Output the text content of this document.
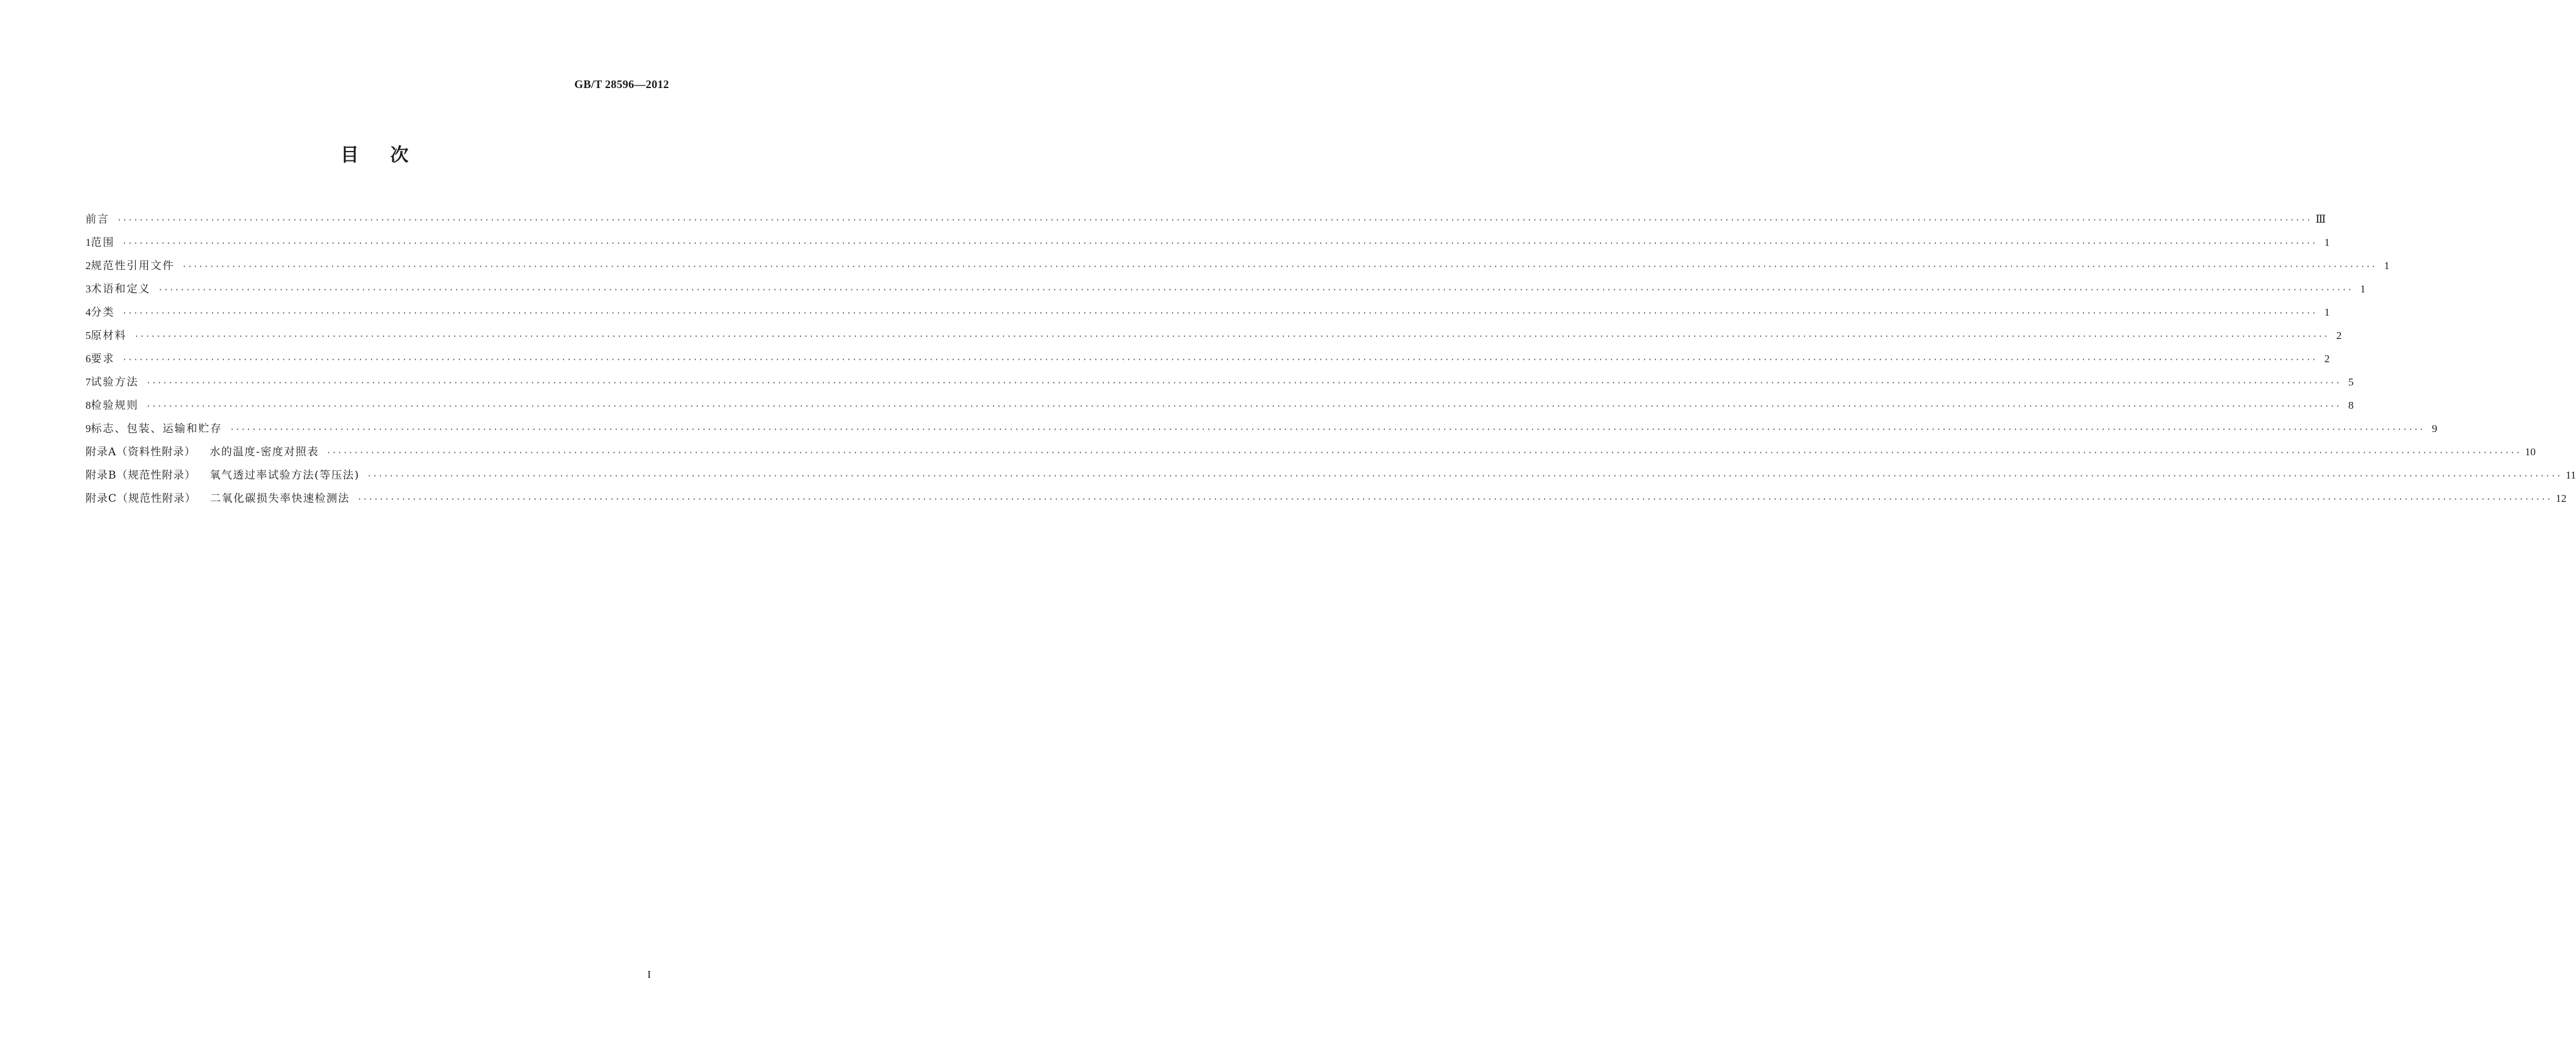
GB/T 28596—2012
目次
前言 ················································································································································································································································································································································································································ Ⅲ
1 范围 ················································································································································································································································································································································································································ 1
2 规范性引用文件 ················································································································································································································································································································································································································ 1
3 术语和定义 ················································································································································································································································································································································································································ 1
4 分类 ················································································································································································································································································································································································································ 1
5 原材料 ················································································································································································································································································································································································································ 2
6 要求 ················································································································································································································································································································································································································ 2
7 试验方法 ················································································································································································································································································································································································································ 5
8 检验规则 ················································································································································································································································································································································································································ 8
9 标志、包装、运输和贮存 ················································································································································································································································································································································································································ 9
附录A（资料性附录） 水的温度-密度对照表 ················································································································································································································································································································································································································ 10
附录B（规范性附录） 氧气透过率试验方法(等压法) ················································································································································································································································································································································································································ 11
附录C（规范性附录） 二氧化碳损失率快速检测法 ················································································································································································································································································································································································································ 12
I
